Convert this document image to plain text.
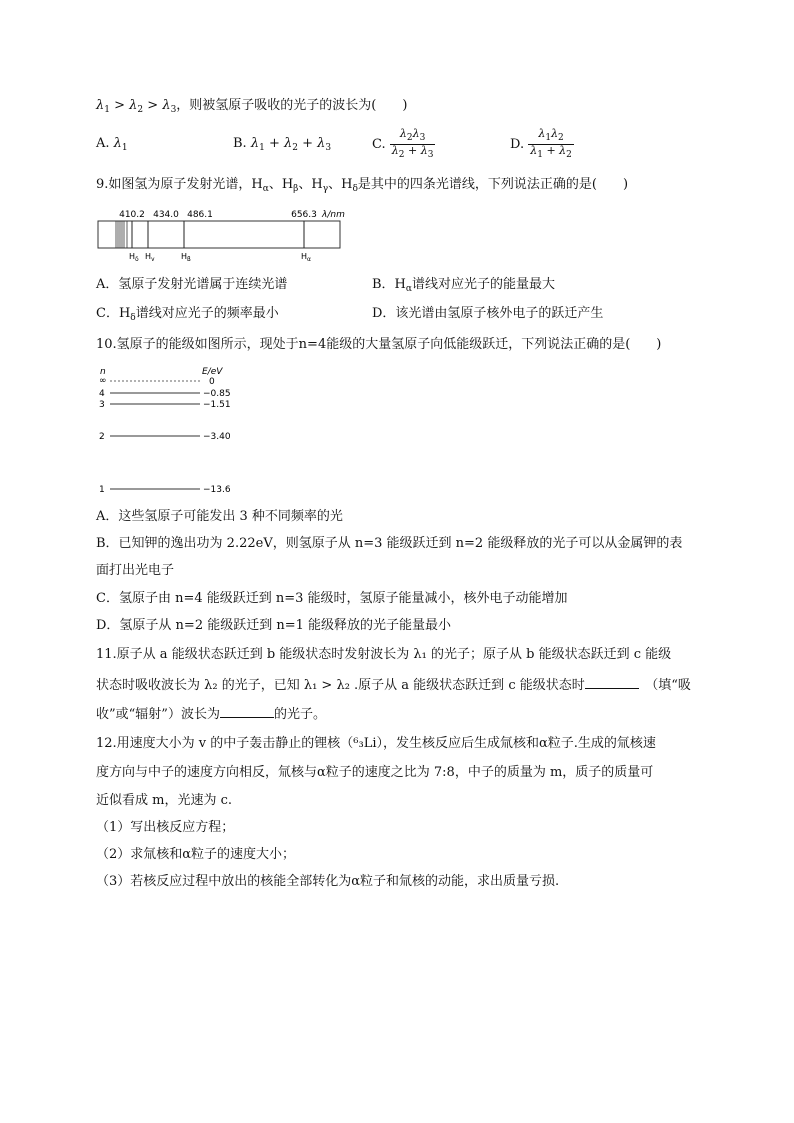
$\lambda_1 > \lambda_2 > \lambda_3$，则被氢原子吸收的光子的波长为(　　)
A. $\lambda_1$	B. $\lambda_1 + \lambda_2 + \lambda_3$	C. $\frac{\lambda_2\lambda_3}{\lambda_2 + \lambda_3}$	D. $\frac{\lambda_1\lambda_2}{\lambda_1 + \lambda_2}$
9.如图氢为原子发射光谱，$H_\alpha$、$H_\beta$、$H_\gamma$、$H_\delta$是其中的四条光谱线，下列说法正确的是(　　)
410.2 434.0 486.1	656.3 λ/nm
$H_\delta$ $H_\gamma$	$H_\beta$	$H_\alpha$
A．氢原子发射光谱属于连续光谱	B．$H_\alpha$谱线对应光子的能量最大
C．$H_\delta$谱线对应光子的频率最小	D．该光谱由氢原子核外电子的跃迁产生
10.氢原子的能级如图所示，现处于n=4能级的大量氢原子向低能级跃迁，下列说法正确的是(　　)
n	E/eV
∞	0
4	−0.85
3	−1.51
2	−3.40
1	−13.6
A．这些氢原子可能发出 3 种不同频率的光
B．已知钾的逸出功为 2.22eV，则氢原子从 n=3 能级跃迁到 n=2 能级释放的光子可以从金属钾的表
面打出光电子
C．氢原子由 n=4 能级跃迁到 n=3 能级时，氢原子能量减小，核外电子动能增加
D．氢原子从 n=2 能级跃迁到 n=1 能级释放的光子能量最小
11.原子从 a 能级状态跃迁到 b 能级状态时发射波长为 λ₁ 的光子；原子从 b 能级状态跃迁到 c 能级
状态时吸收波长为 λ₂ 的光子，已知 λ₁ > λ₂ .原子从 a 能级状态跃迁到 c 能级状态时　	（填“吸
收”或“辐射”）波长为	的光子。
12.用速度大小为 v 的中子轰击静止的锂核（⁶₃Li），发生核反应后生成氚核和α粒子.生成的氚核速
度方向与中子的速度方向相反，氚核与α粒子的速度之比为 7:8，中子的质量为 m，质子的质量可
近似看成 m，光速为 c.
（1）写出核反应方程；
（2）求氚核和α粒子的速度大小；
（3）若核反应过程中放出的核能全部转化为α粒子和氚核的动能，求出质量亏损.
